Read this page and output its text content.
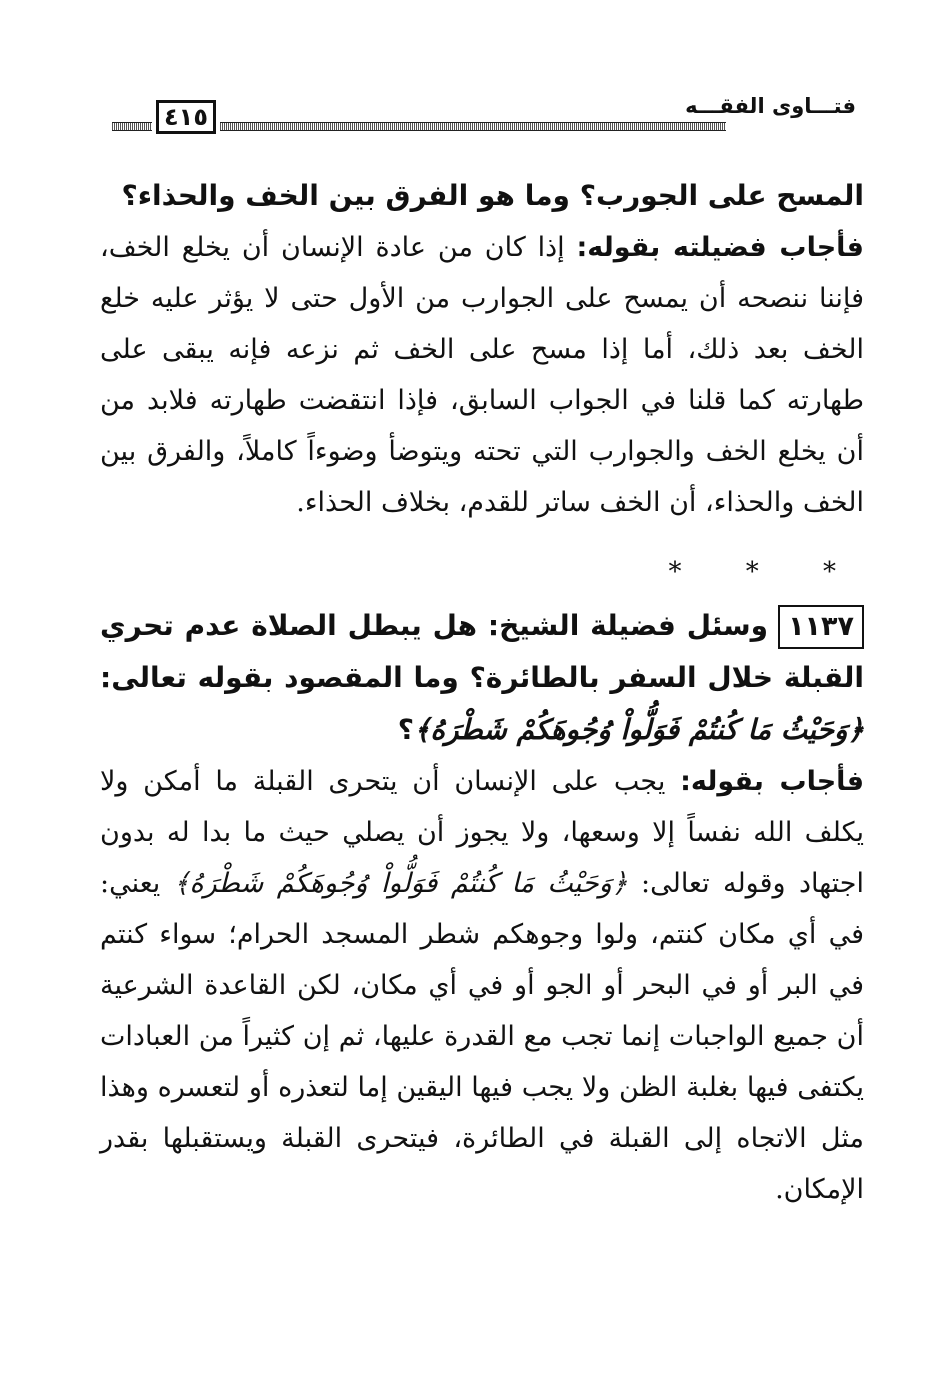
٤١٥	فتـــاوى الفقـــه

المسح على الجورب؟ وما هو الفرق بين الخف والحذاء؟

فأجاب فضيلته بقوله: إذا كان من عادة الإنسان أن يخلع الخف، فإننا ننصحه أن يمسح على الجوارب من الأول حتى لا يؤثر عليه خلع الخف بعد ذلك، أما إذا مسح على الخف ثم نزعه فإنه يبقى على طهارته كما قلنا في الجواب السابق، فإذا انتقضت طهارته فلابد من أن يخلع الخف والجوارب التي تحته ويتوضأ وضوءاً كاملاً، والفرق بين الخف والحذاء، أن الخف ساتر للقدم، بخلاف الحذاء.

* * *

١١٣٧وسئل فضيلة الشيخ: هل يبطل الصلاة عدم تحري القبلة خلال السفر بالطائرة؟ وما المقصود بقوله تعالى: ﴿وَحَيْثُ مَا كُنتُمْ فَوَلُّواْ وُجُوهَكُمْ شَطْرَهُ﴾؟

فأجاب بقوله: يجب على الإنسان أن يتحرى القبلة ما أمكن ولا يكلف الله نفساً إلا وسعها، ولا يجوز أن يصلي حيث ما بدا له بدون اجتهاد وقوله تعالى: ﴿وَحَيْثُ مَا كُنتُمْ فَوَلُّواْ وُجُوهَكُمْ شَطْرَهُ﴾ يعني: في أي مكان كنتم، ولوا وجوهكم شطر المسجد الحرام؛ سواء كنتم في البر أو في البحر أو الجو أو في أي مكان، لكن القاعدة الشرعية أن جميع الواجبات إنما تجب مع القدرة عليها، ثم إن كثيراً من العبادات يكتفى فيها بغلبة الظن ولا يجب فيها اليقين إما لتعذره أو لتعسره وهذا مثل الاتجاه إلى القبلة في الطائرة، فيتحرى القبلة ويستقبلها بقدر الإمكان.
